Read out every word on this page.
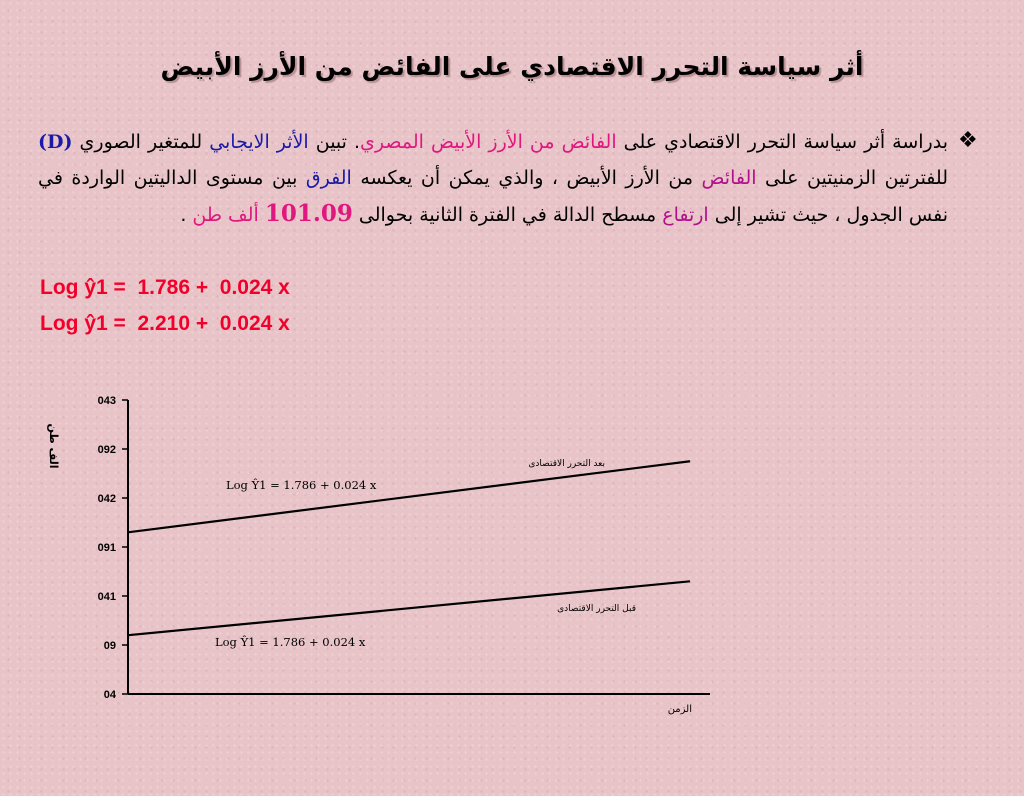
أثر سياسة التحرر الاقتصادي على الفائض من الأرز الأبيض
❖
بدراسة أثر سياسة التحرر الاقتصادي على الفائض من الأرز الأبيض المصري. تبين الأثر الايجابي للمتغير الصوري (D) للفترتين الزمنيتين على الفائض من الأرز الأبيض ، والذي يمكن أن يعكسه الفرق بين مستوى الداليتين الواردة في نفس الجدول ، حيث تشير إلى ارتفاع مسطح الدالة في الفترة الثانية بحوالى 101.09 ألف طن .
Log ŷ1 =  1.786 +  0.024 x
Log ŷ1 =  2.210 +  0.024 x
04
09
041
091
042
092
043
الف طن
الزمن
بعد التحرر الاقتصادى
Log Ŷ1 = 1.786 + 0.024 x
قبل التحرر الاقتصادى
Log Ŷ1 = 1.786 + 0.024 x
